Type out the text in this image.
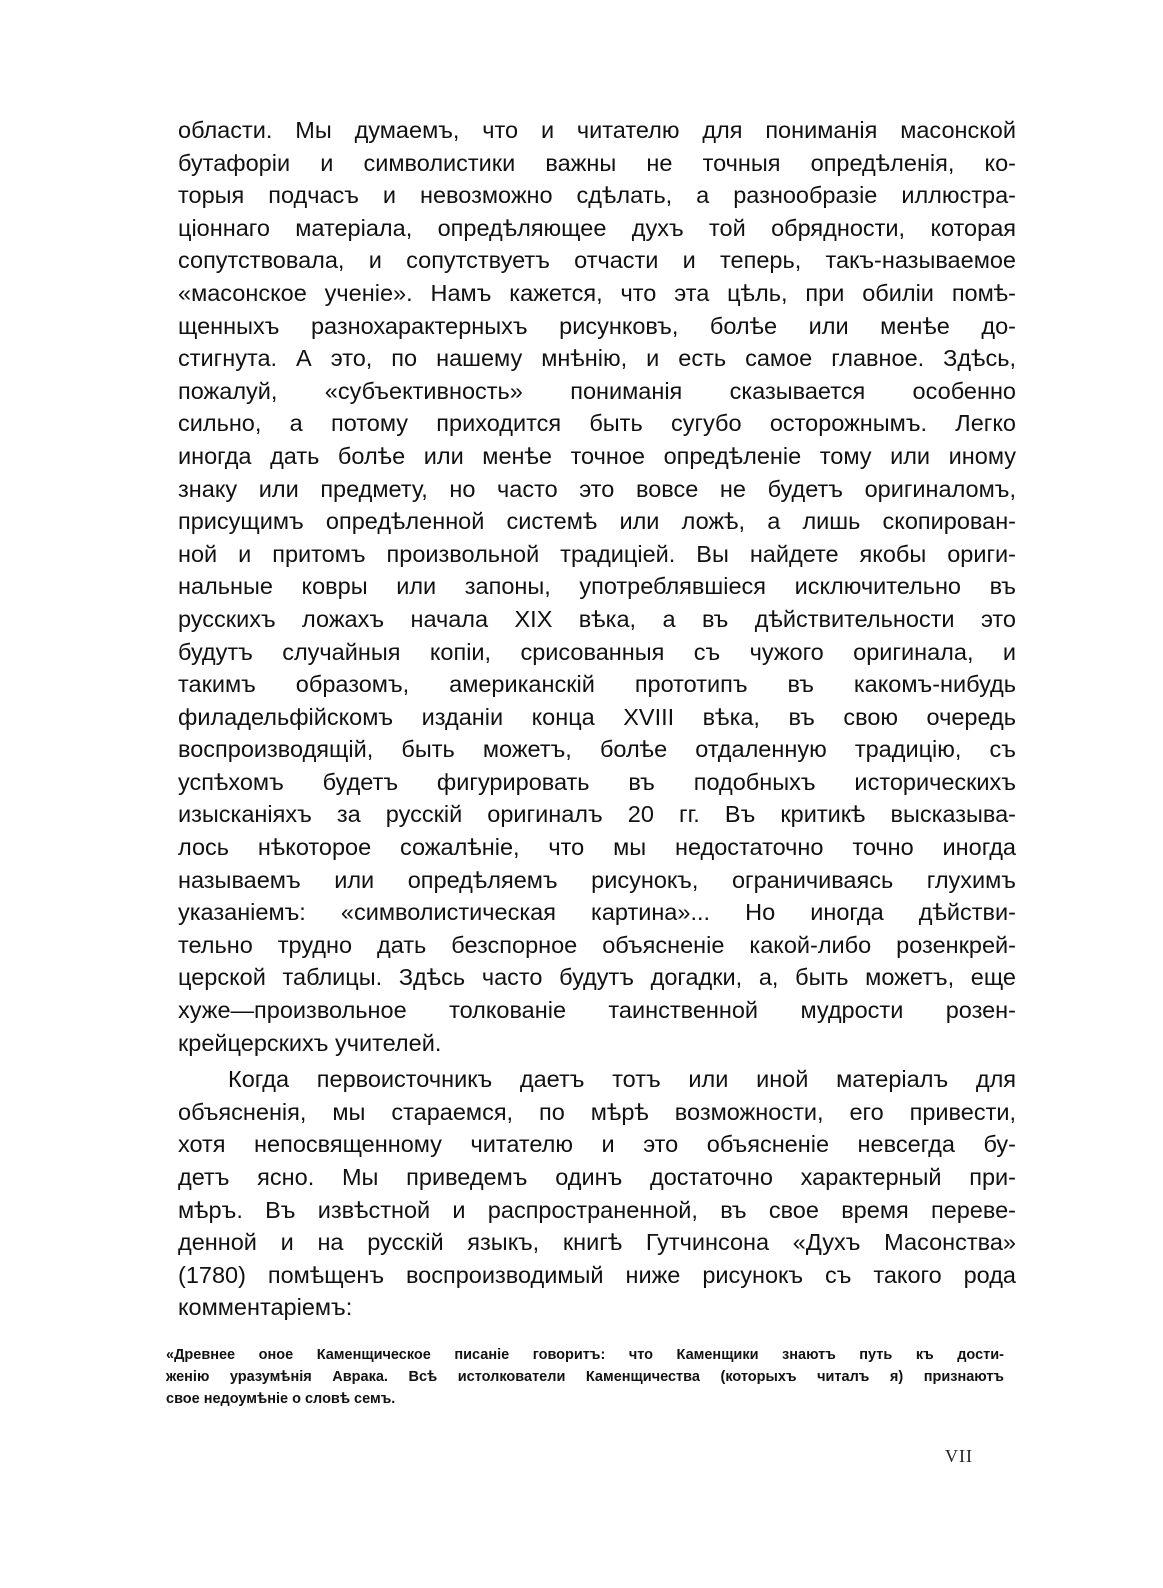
области. Мы думаемъ, что и читателю для пониманія масонской
бутафоріи и символистики важны не точныя опредѣленія, ко-
торыя подчасъ и невозможно сдѣлать, а разнообразіе иллюстра-
ціоннаго матеріала, опредѣляющее духъ той обрядности, которая
сопутствовала, и сопутствуетъ отчасти и теперь, такъ-называемое
«масонское ученіе». Намъ кажется, что эта цѣль, при обиліи помѣ-
щенныхъ разнохарактерныхъ рисунковъ, болѣе или менѣе до-
стигнута. А это, по нашему мнѣнію, и есть самое главное. Здѣсь,
пожалуй, «субъективность» пониманія сказывается особенно
сильно, а потому приходится быть сугубо осторожнымъ. Легко
иногда дать болѣе или менѣе точное опредѣленіе тому или иному
знаку или предмету, но часто это вовсе не будетъ оригиналомъ,
присущимъ опредѣленной системѣ или ложѣ, а лишь скопирован-
ной и притомъ произвольной традиціей. Вы найдете якобы ориги-
нальные ковры или запоны, употреблявшіеся исключительно въ
русскихъ ложахъ начала XIX вѣка, а въ дѣйствительности это
будутъ случайныя копіи, срисованныя съ чужого оригинала, и
такимъ образомъ, американскій прототипъ въ какомъ-нибудь
филадельфійскомъ изданіи конца XVIII вѣка, въ свою очередь
воспроизводящій, быть можетъ, болѣе отдаленную традицію, съ
успѣхомъ будетъ фигурировать въ подобныхъ историческихъ
изысканіяхъ за русскій оригиналъ 20 гг. Въ критикѣ высказыва-
лось нѣкоторое сожалѣніе, что мы недостаточно точно иногда
называемъ или опредѣляемъ рисунокъ, ограничиваясь глухимъ
указаніемъ: «символистическая картина»... Но иногда дѣйстви-
тельно трудно дать безспорное объясненіе какой-либо розенкрей-
церской таблицы. Здѣсь часто будутъ догадки, а, быть можетъ, еще
хуже—произвольное толкованіе таинственной мудрости розен-
крейцерскихъ учителей.
Когда первоисточникъ даетъ тотъ или иной матеріалъ для
объясненія, мы стараемся, по мѣрѣ возможности, его привести,
хотя непосвященному читателю и это объясненіе невсегда бу-
детъ ясно. Мы приведемъ одинъ достаточно характерный при-
мѣръ. Въ извѣстной и распространенной, въ свое время переве-
денной и на русскій языкъ, книгѣ Гутчинсона «Духъ Масонства»
(1780) помѣщенъ воспроизводимый ниже рисунокъ съ такого рода
комментаріемъ:
«Древнее оное Каменщическое писаніе говоритъ: что Каменщики знаютъ путь къ дости-
женію уразумѣнія Авракa. Всѣ истолкователи Каменщичества (которыхъ читалъ я) признаютъ
свое недоумѣніе о словѣ семъ.
VII
